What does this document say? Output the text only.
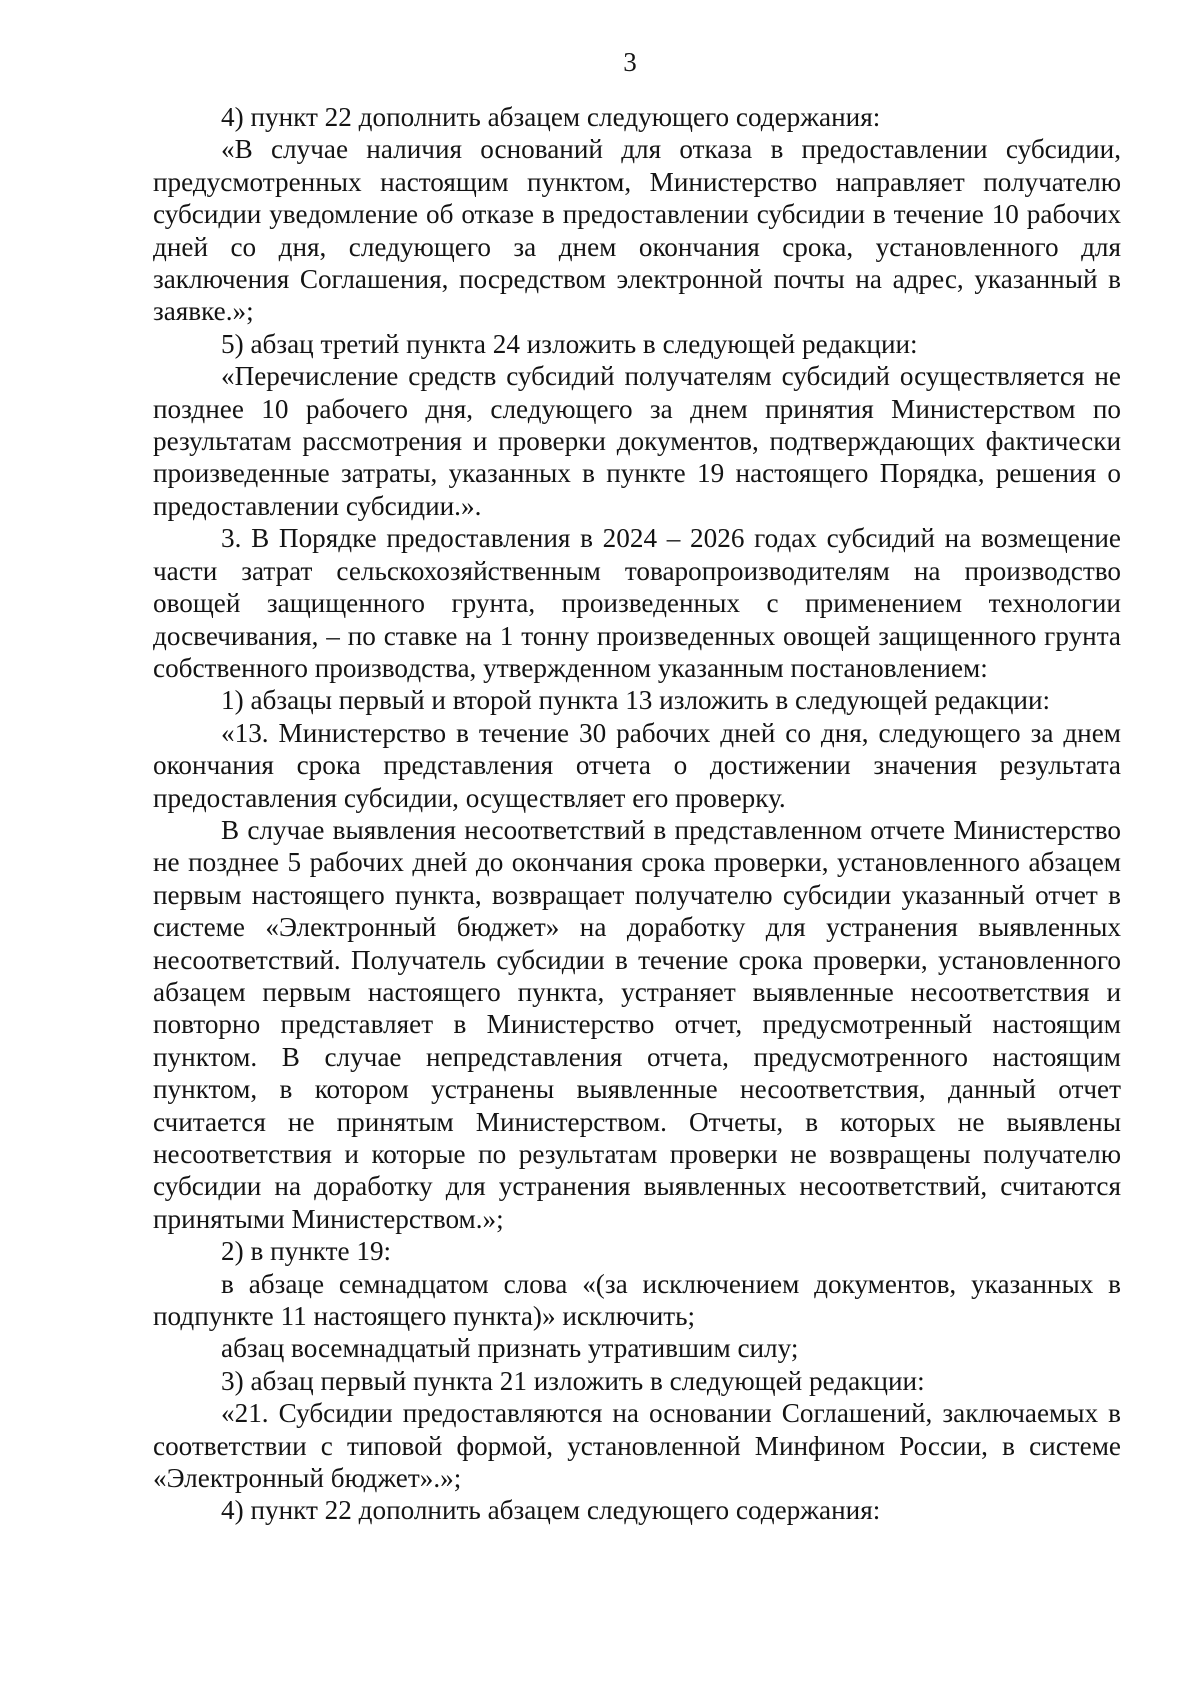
3

4) пункт 22 дополнить абзацем следующего содержания:

«В случае наличия оснований для отказа в предоставлении субсидии, предусмотренных настоящим пунктом, Министерство направляет получателю субсидии уведомление об отказе в предоставлении субсидии в течение 10 рабочих дней со дня, следующего за днем окончания срока, установленного для заключения Соглашения, посредством электронной почты на адрес, указанный в заявке.»;

5) абзац третий пункта 24 изложить в следующей редакции:

«Перечисление средств субсидий получателям субсидий осуществляется не позднее 10 рабочего дня, следующего за днем принятия Министерством по результатам рассмотрения и проверки документов, подтверждающих фактически произведенные затраты, указанных в пункте 19 настоящего Порядка, решения о предоставлении субсидии.».

3. В Порядке предоставления в 2024 – 2026 годах субсидий на возмещение части затрат сельскохозяйственным товаропроизводителям на производство овощей защищенного грунта, произведенных с применением технологии досвечивания, – по ставке на 1 тонну произведенных овощей защищенного грунта собственного производства, утвержденном указанным постановлением:

1) абзацы первый и второй пункта 13 изложить в следующей редакции:

«13. Министерство в течение 30 рабочих дней со дня, следующего за днем окончания срока представления отчета о достижении значения результата предоставления субсидии, осуществляет его проверку.

В случае выявления несоответствий в представленном отчете Министерство не позднее 5 рабочих дней до окончания срока проверки, установленного абзацем первым настоящего пункта, возвращает получателю субсидии указанный отчет в системе «Электронный бюджет» на доработку для устранения выявленных несоответствий. Получатель субсидии в течение срока проверки, установленного абзацем первым настоящего пункта, устраняет выявленные несоответствия и повторно представляет в Министерство отчет, предусмотренный настоящим пунктом. В случае непредставления отчета, предусмотренного настоящим пунктом, в котором устранены выявленные несоответствия, данный отчет считается не принятым Министерством. Отчеты, в которых не выявлены несоответствия и которые по результатам проверки не возвращены получателю субсидии на доработку для устранения выявленных несоответствий, считаются принятыми Министерством.»;

2) в пункте 19:

в абзаце семнадцатом слова «(за исключением документов, указанных в подпункте 11 настоящего пункта)» исключить;

абзац восемнадцатый признать утратившим силу;

3) абзац первый пункта 21 изложить в следующей редакции:

«21. Субсидии предоставляются на основании Соглашений, заключаемых в соответствии с типовой формой, установленной Минфином России, в системе «Электронный бюджет».»;

4) пункт 22 дополнить абзацем следующего содержания:
